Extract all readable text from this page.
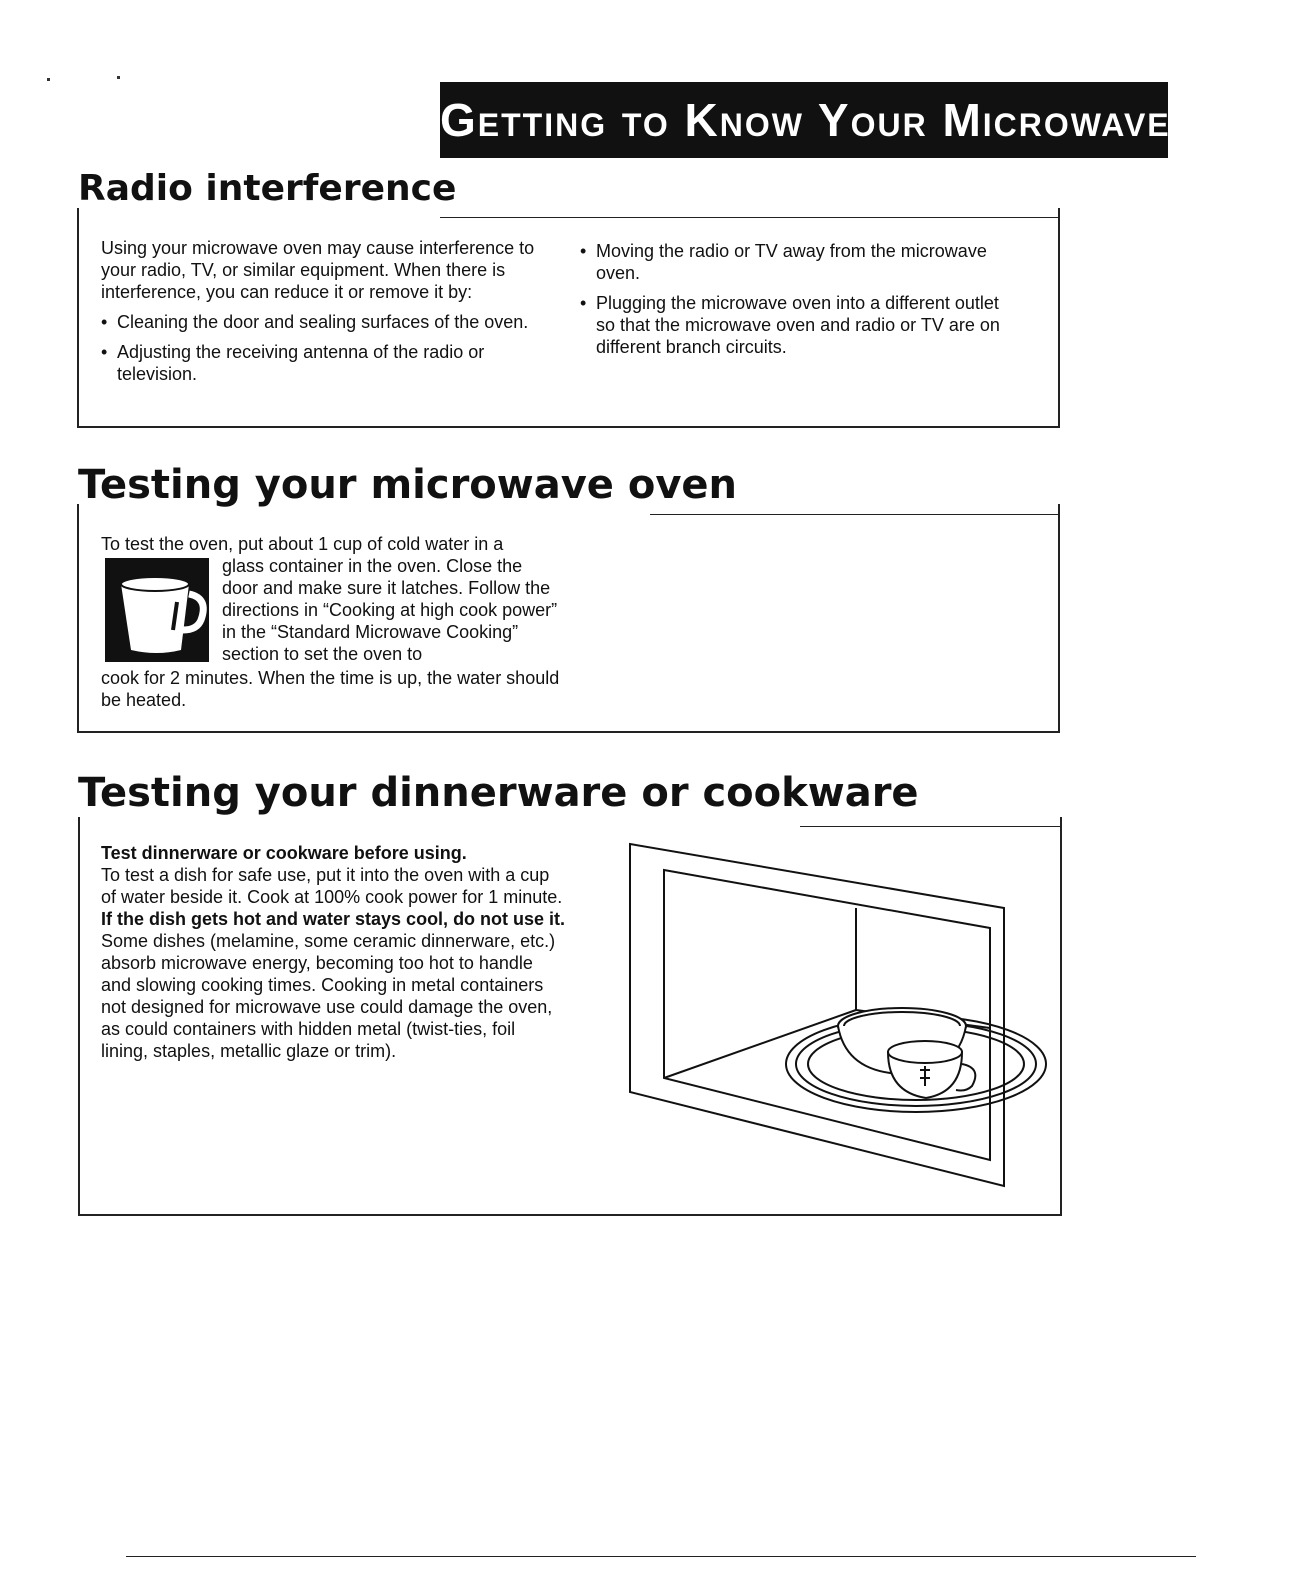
Getting to Know Your Microwave Oven
Radio interference

Using your microwave oven may cause interference to your radio, TV, or similar equipment. When there is interference, you can reduce it or remove it by:

• Cleaning the door and sealing surfaces of the oven.
• Adjusting the receiving antenna of the radio or television.
• Moving the radio or TV away from the microwave oven.
• Plugging the microwave oven into a different outlet so that the microwave oven and radio or TV are on different branch circuits.
Testing your microwave oven
To test the oven, put about 1 cup of cold water in a
glass container in the oven. Close the door and make sure it latches. Follow the directions in “Cooking at high cook power” in the “Standard Microwave Cooking” section to set the oven to
cook for 2 minutes. When the time is up, the water should be heated.
Testing your dinnerware or cookware
Test dinnerware or cookware before using.
To test a dish for safe use, put it into the oven with a cup of water beside it. Cook at 100% cook power for 1 minute. If the dish gets hot and water stays cool, do not use it. Some dishes (melamine, some ceramic dinnerware, etc.) absorb microwave energy, becoming too hot to handle and slowing cooking times. Cooking in metal containers not designed for microwave use could damage the oven, as could containers with hidden metal (twist-ties, foil lining, staples, metallic glaze or trim).
